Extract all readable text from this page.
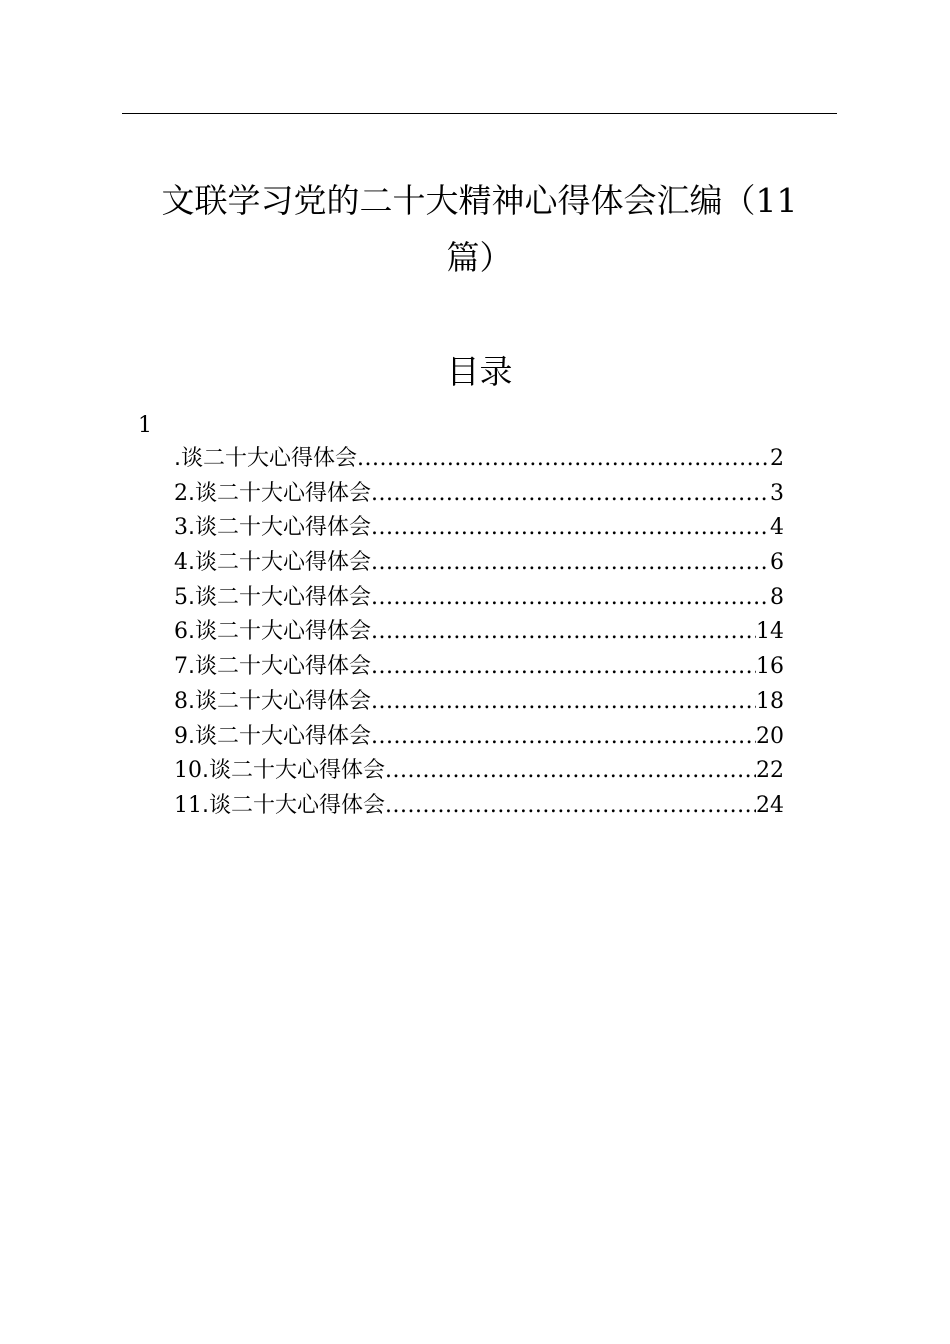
文联学习党的二十大精神心得体会汇编（11
篇）
目录
1
.谈二十大心得体会 .....	2
2 .谈二十大心得体会 .....	3
3 .谈二十大心得体会 .....	4
4 .谈二十大心得体会 .....	6
5 .谈二十大心得体会 .....	8
6 .谈二十大心得体会 .....	14
7 .谈二十大心得体会 .....	16
8 .谈二十大心得体会 .....	18
9 .谈二十大心得体会 .....	20
10 .谈二十大心得体会 .....	22
11 .谈二十大心得体会 .....	24
